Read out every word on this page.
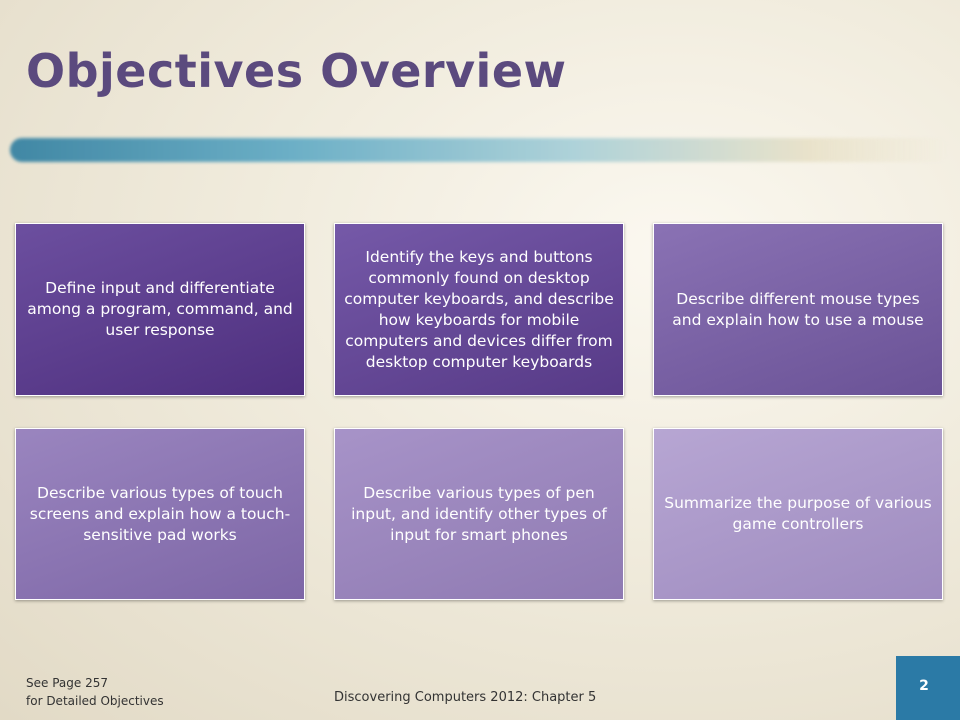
Objectives Overview
Define input and differentiate among a program, command, and user response
Identify the keys and buttons commonly found on desktop computer keyboards, and describe how keyboards for mobile computers and devices differ from desktop computer keyboards
Describe different mouse types and explain how to use a mouse
Describe various types of touch screens and explain how a touch-sensitive pad works
Describe various types of pen input, and identify other types of input for smart phones
Summarize the purpose of various game controllers
See Page 257
for Detailed Objectives	Discovering Computers 2012: Chapter 5
2
